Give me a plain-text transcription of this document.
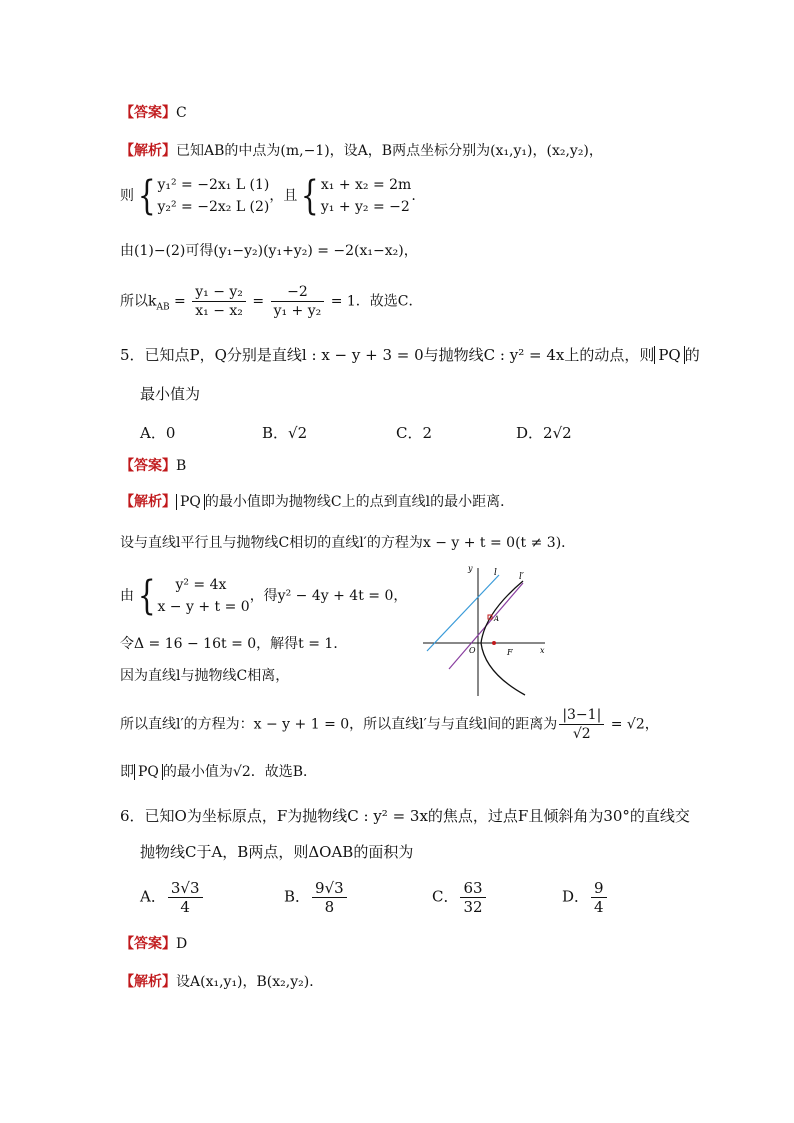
【答案】C
【解析】已知AB的中点为(m,−1)，设A，B两点坐标分别为(x₁,y₁)，(x₂,y₂)，
则{ y₁² = −2x₁ L (1)
y₂² = −2x₂ L (2)
，且{ x₁ + x₂ = 2m
y₁ + y₂ = −2
.
由(1)−(2)可得(y₁−y₂)(y₁+y₂) = −2(x₁−x₂)，
所以$k_{AB} = \frac{\text{y₁ − y₂}}{\text{x₁ − x₂}} = \frac{-2}{\text{y₁ + y₂}} = 1$．故选C．
5．已知点P，Q分别是直线l : x − y + 3 = 0与抛物线C : y² = 4x上的动点，则 PQ 的
最小值为
A．0	B．√2	C．2	D．2√2
【答案】B
【解析】 PQ 的最小值即为抛物线C上的点到直线l的最小距离．
设与直线l平行且与抛物线C相切的直线l′的方程为x − y + t = 0(t ≠ 3)．
由{	y² = 4x
x − y + t = 0
，得y² − 4y + 4t = 0，
令Δ = 16 − 16t = 0，解得t = 1．
因为直线l与抛物线C相离，
所以直线l′的方程为：x − y + 1 = 0，所以直线l′与与直线l间的距离为 $\frac{|3-1|}{√2} = √2$，
即 PQ 的最小值为√2．故选B．
y
x
l l′
O
A
F
6．已知O为坐标原点，F为抛物线C : y² = 3x的焦点，过点F且倾斜角为30°的直线交
抛物线C于A，B两点，则ΔOAB的面积为
A． $\frac{3√3}{4}$	B． $\frac{9√3}{8}$	C． $\frac{63}{32}$	D． $\frac{9}{4}$
【答案】D
【解析】设A(x₁,y₁)，B(x₂,y₂)．
